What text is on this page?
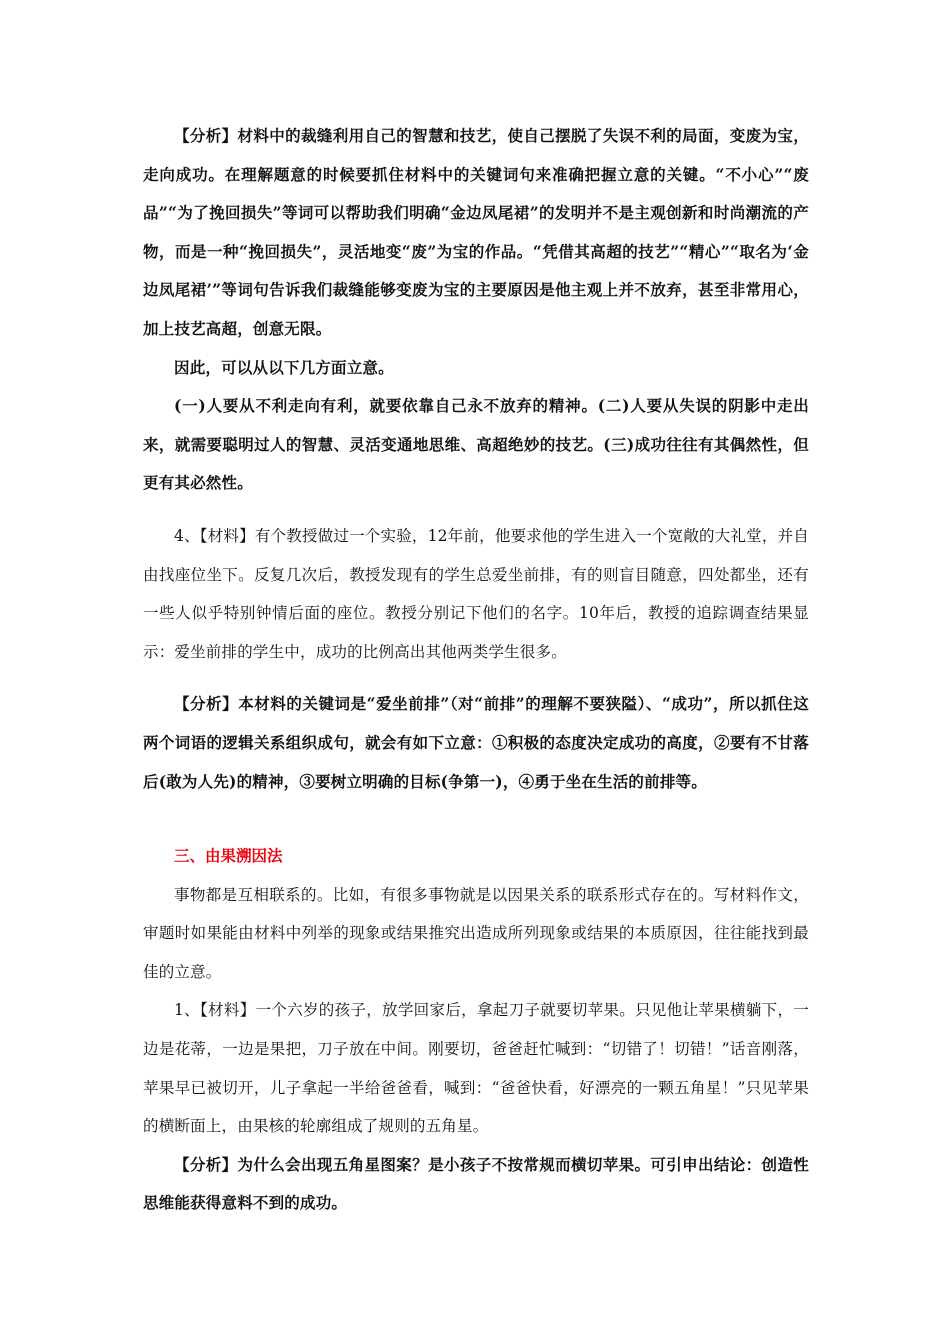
【分析】材料中的裁缝利用自己的智慧和技艺，使自己摆脱了失误不利的局面，变废为宝，走向成功。在理解题意的时候要抓住材料中的关键词句来准确把握立意的关键。“不小心”“废品”“为了挽回损失”等词可以帮助我们明确“金边凤尾裙”的发明并不是主观创新和时尚潮流的产物，而是一种“挽回损失”，灵活地变“废”为宝的作品。“凭借其高超的技艺”“精心”“取名为‘金边凤尾裙’”等词句告诉我们裁缝能够变废为宝的主要原因是他主观上并不放弃，甚至非常用心，加上技艺高超，创意无限。

因此，可以从以下几方面立意。

(一)人要从不利走向有利，就要依靠自己永不放弃的精神。(二)人要从失误的阴影中走出来，就需要聪明过人的智慧、灵活变通地思维、高超绝妙的技艺。(三)成功往往有其偶然性，但更有其必然性。

4、【材料】有个教授做过一个实验，12年前，他要求他的学生进入一个宽敞的大礼堂，并自由找座位坐下。反复几次后，教授发现有的学生总爱坐前排，有的则盲目随意，四处都坐，还有一些人似乎特别钟情后面的座位。教授分别记下他们的名字。10年后，教授的追踪调查结果显示：爱坐前排的学生中，成功的比例高出其他两类学生很多。

【分析】本材料的关键词是“爱坐前排”（对“前排”的理解不要狭隘）、“成功”，所以抓住这两个词语的逻辑关系组织成句，就会有如下立意：①积极的态度决定成功的高度，②要有不甘落后(敢为人先)的精神，③要树立明确的目标(争第一)，④勇于坐在生活的前排等。

三、由果溯因法

事物都是互相联系的。比如，有很多事物就是以因果关系的联系形式存在的。写材料作文，审题时如果能由材料中列举的现象或结果推究出造成所列现象或结果的本质原因，往往能找到最佳的立意。

1、【材料】一个六岁的孩子，放学回家后，拿起刀子就要切苹果。只见他让苹果横躺下，一边是花蒂，一边是果把，刀子放在中间。刚要切，爸爸赶忙喊到：“切错了！切错！”话音刚落，苹果早已被切开，儿子拿起一半给爸爸看，喊到：“爸爸快看，好漂亮的一颗五角星！”只见苹果的横断面上，由果核的轮廓组成了规则的五角星。

【分析】为什么会出现五角星图案？是小孩子不按常规而横切苹果。可引申出结论：创造性思维能获得意料不到的成功。
